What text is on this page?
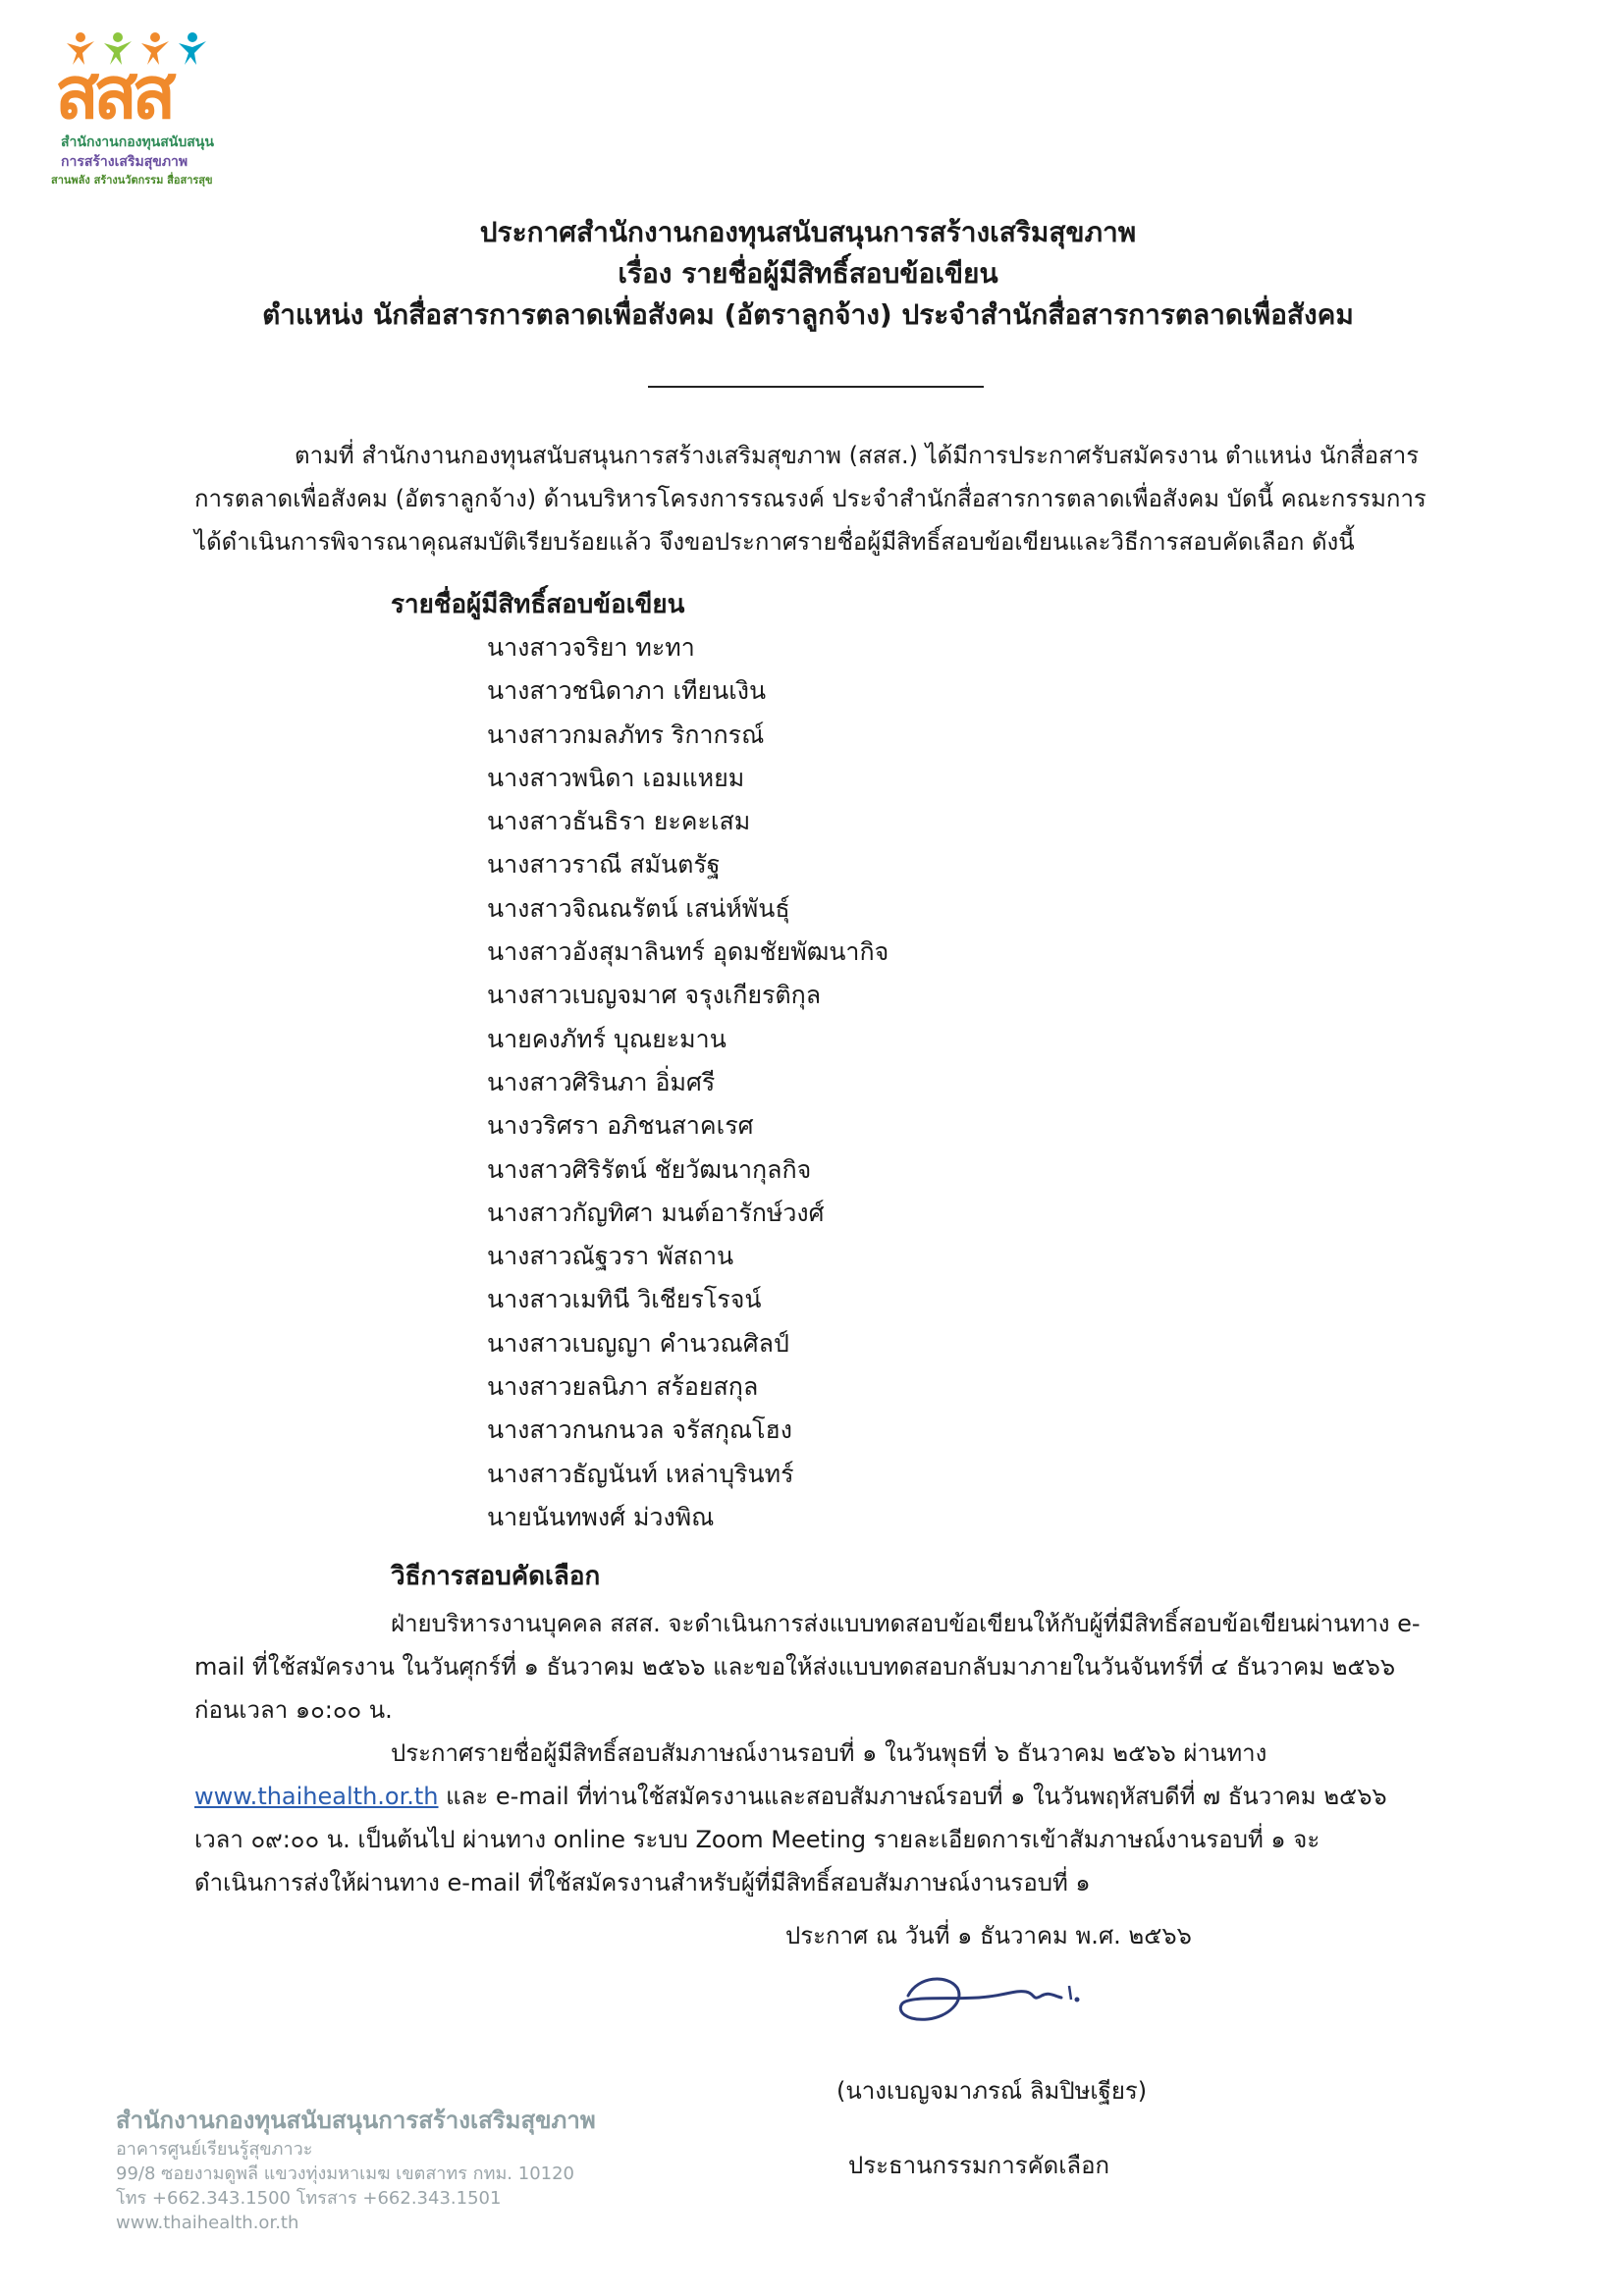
สสส
สำนักงานกองทุนสนับสนุน
การสร้างเสริมสุขภาพ
สานพลัง สร้างนวัตกรรม สื่อสารสุข
ประกาศสำนักงานกองทุนสนับสนุนการสร้างเสริมสุขภาพ
เรื่อง รายชื่อผู้มีสิทธิ์สอบข้อเขียน
ตำแหน่ง นักสื่อสารการตลาดเพื่อสังคม (อัตราลูกจ้าง) ประจำสำนักสื่อสารการตลาดเพื่อสังคม
ตามที่ สำนักงานกองทุนสนับสนุนการสร้างเสริมสุขภาพ (สสส.) ได้มีการประกาศรับสมัครงาน ตำแหน่ง นักสื่อสาร
การตลาดเพื่อสังคม (อัตราลูกจ้าง) ด้านบริหารโครงการรณรงค์ ประจำสำนักสื่อสารการตลาดเพื่อสังคม บัดนี้ คณะกรรมการ
ได้ดำเนินการพิจารณาคุณสมบัติเรียบร้อยแล้ว จึงขอประกาศรายชื่อผู้มีสิทธิ์สอบข้อเขียนและวิธีการสอบคัดเลือก ดังนี้
รายชื่อผู้มีสิทธิ์สอบข้อเขียน
นางสาวจริยา ทะทา
นางสาวชนิดาภา เทียนเงิน
นางสาวกมลภัทร ริกากรณ์
นางสาวพนิดา เอมแหยม
นางสาวธันธิรา ยะคะเสม
นางสาวราณี สมันตรัฐ
นางสาวจิณณรัตน์ เสน่ห์พันธุ์
นางสาวอังสุมาลินทร์ อุดมชัยพัฒนากิจ
นางสาวเบญจมาศ จรุงเกียรติกุล
นายคงภัทร์ บุณยะมาน
นางสาวศิรินภา อิ่มศรี
นางวริศรา อภิชนสาคเรศ
นางสาวศิริรัตน์ ชัยวัฒนากุลกิจ
นางสาวกัญทิศา มนต์อารักษ์วงศ์
นางสาวณัฐวรา พัสถาน
นางสาวเมทินี วิเชียรโรจน์
นางสาวเบญญา คำนวณศิลป์
นางสาวยลนิภา สร้อยสกุล
นางสาวกนกนวล จรัสกุณโฮง
นางสาวธัญนันท์ เหล่าบุรินทร์
นายนันทพงศ์ ม่วงพิณ
วิธีการสอบคัดเลือก
ฝ่ายบริหารงานบุคคล สสส. จะดำเนินการส่งแบบทดสอบข้อเขียนให้กับผู้ที่มีสิทธิ์สอบข้อเขียนผ่านทาง e-
mail ที่ใช้สมัครงาน ในวันศุกร์ที่ ๑ ธันวาคม ๒๕๖๖ และขอให้ส่งแบบทดสอบกลับมาภายในวันจันทร์ที่ ๔ ธันวาคม ๒๕๖๖
ก่อนเวลา ๑๐:๐๐ น.
ประกาศรายชื่อผู้มีสิทธิ์สอบสัมภาษณ์งานรอบที่ ๑ ในวันพุธที่ ๖ ธันวาคม ๒๕๖๖ ผ่านทาง
www.thaihealth.or.th และ e-mail ที่ท่านใช้สมัครงานและสอบสัมภาษณ์รอบที่ ๑ ในวันพฤหัสบดีที่ ๗ ธันวาคม ๒๕๖๖
เวลา ๐๙:๐๐ น. เป็นต้นไป ผ่านทาง online ระบบ Zoom Meeting รายละเอียดการเข้าสัมภาษณ์งานรอบที่ ๑ จะ
ดำเนินการส่งให้ผ่านทาง e-mail ที่ใช้สมัครงานสำหรับผู้ที่มีสิทธิ์สอบสัมภาษณ์งานรอบที่ ๑
ประกาศ ณ วันที่ ๑ ธันวาคม พ.ศ. ๒๕๖๖
(นางเบญจมาภรณ์ ลิมปิษเฐียร)
ประธานกรรมการคัดเลือก
สำนักงานกองทุนสนับสนุนการสร้างเสริมสุขภาพ
อาคารศูนย์เรียนรู้สุขภาวะ
99/8 ซอยงามดูพลี แขวงทุ่งมหาเมฆ เขตสาทร กทม. 10120
โทร +662.343.1500 โทรสาร +662.343.1501
www.thaihealth.or.th
